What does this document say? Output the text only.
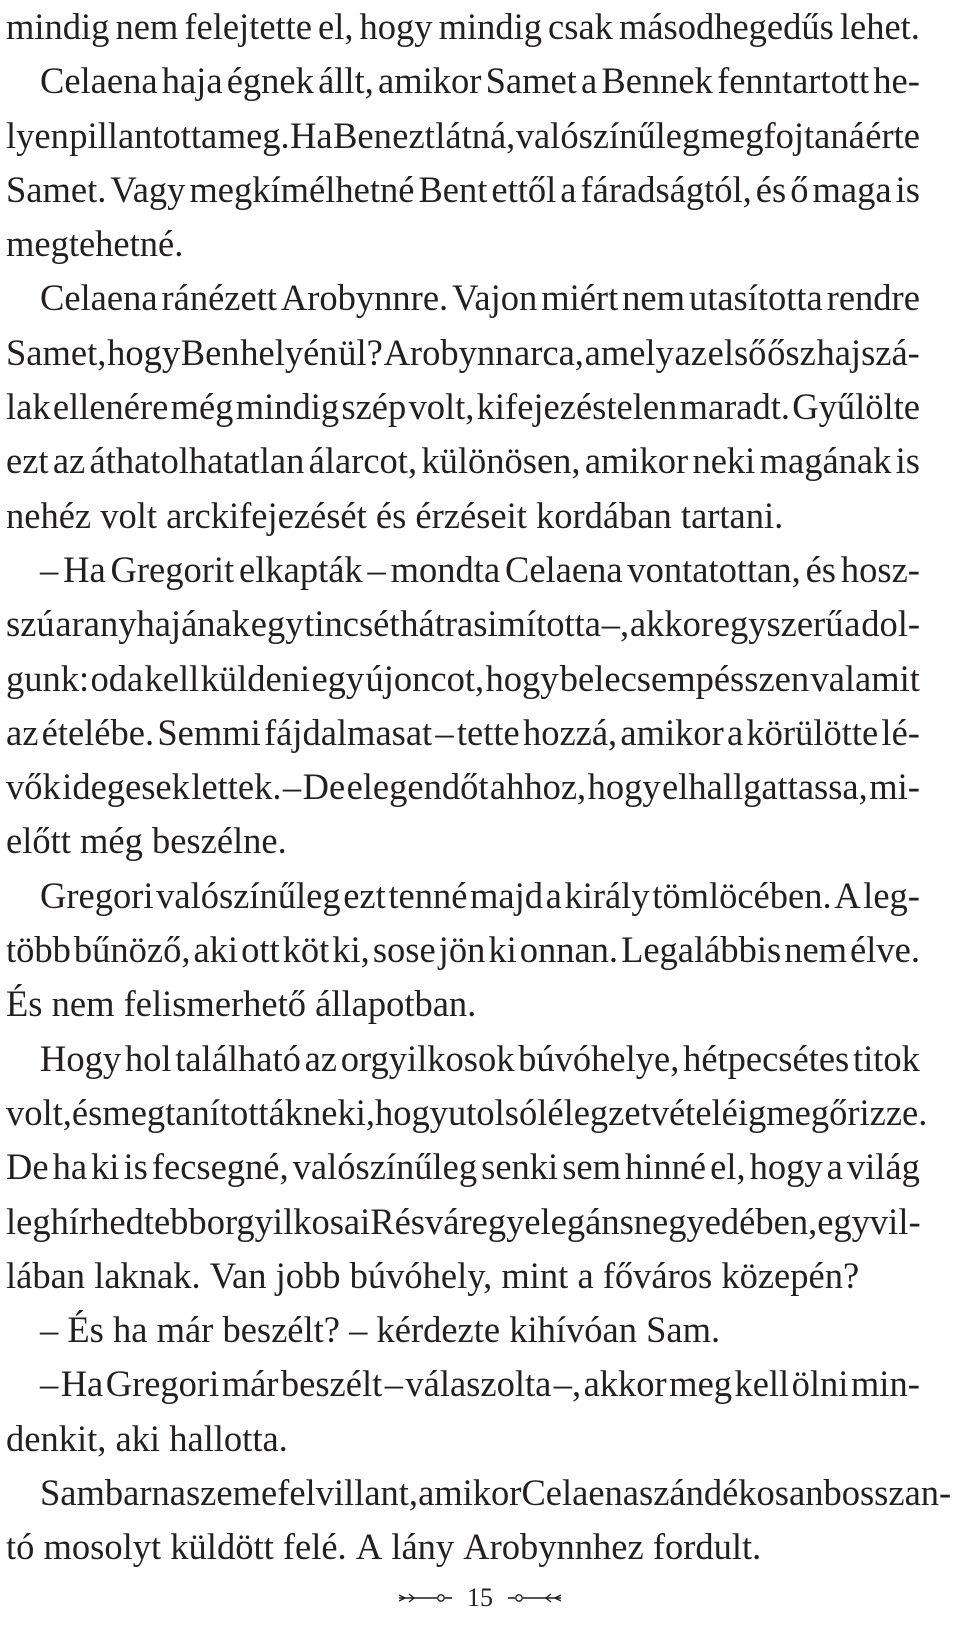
mindig nem felejtette el, hogy mindig csak másodhegedűs lehet.
Celaena haja égnek állt, amikor Samet a Bennek fenntartott he-
lyen pillantotta meg. Ha Ben ezt látná, valószínűleg megfojtaná érte
Samet. Vagy megkímélhetné Bent ettől a fáradságtól, és ő maga is
megtehetné.
Celaena ránézett Arobynnre. Vajon miért nem utasította rendre
Samet, hogy Ben helyén ül? Arobynn arca, amely az első ősz hajszá-
lak ellenére még mindig szép volt, kifejezéstelen maradt. Gyűlölte
ezt az áthatolhatatlan álarcot, különösen, amikor neki magának is
nehéz volt arckifejezését és érzéseit kordában tartani.
– Ha Gregorit elkapták – mondta Celaena vontatottan, és hosz-
szú aranyhajának egy tincsét hátrasimította –, akkor egyszerű a dol-
gunk: oda kell küldeni egy újoncot, hogy belecsempésszen valamit
az ételébe. Semmi fájdalmasat – tette hozzá, amikor a körülötte lé-
vők idegesek lettek. – De elegendőt ahhoz, hogy elhallgattassa, mi-
előtt még beszélne.
Gregori valószínűleg ezt tenné majd a király tömlöcében. A leg-
több bűnöző, aki ott köt ki, sose jön ki onnan. Legalábbis nem élve.
És nem felismerhető állapotban.
Hogy hol található az orgyilkosok búvóhelye, hétpecsétes titok
volt, és megtanították neki, hogy utolsó lélegzetvételéig megőrizze.
De ha ki is fecsegné, valószínűleg senki sem hinné el, hogy a világ
leghírhedtebb orgyilkosai Résvár egy elegáns negyedében, egy vil-
lában laknak. Van jobb búvóhely, mint a főváros közepén?
– És ha már beszélt? – kérdezte kihívóan Sam.
– Ha Gregori már beszélt – válaszolta –, akkor meg kell ölni min-
denkit, aki hallotta.
Sam barna szeme felvillant, amikor Celaena szándékosan bosszan-
tó mosolyt küldött felé. A lány Arobynnhez fordult.
15
